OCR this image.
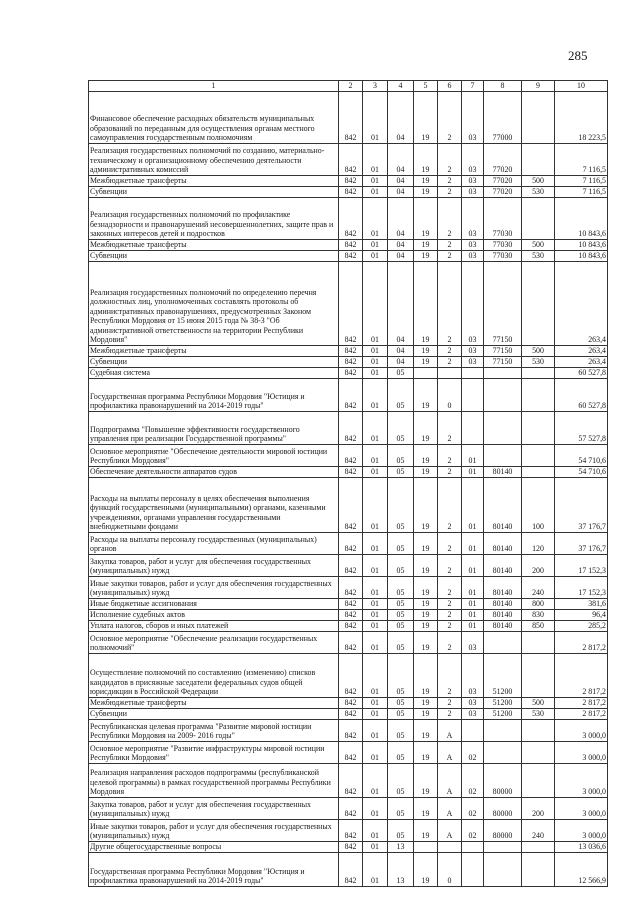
285
1	2	3	4	5	6	7	8	9	10
Финансовое обеспечение расходных обязательств муниципальных образований по переданным для осуществления органам местного самоуправления государственным полномочиям	842	01	04	19	2	03	77000		18 223,5
Реализация государственных полномочий по созданию, материально-техническому и организационному обеспечению деятельности административных комиссий	842	01	04	19	2	03	77020		7 116,5
Межбюджетные трансферты	842	01	04	19	2	03	77020	500	7 116,5
Субвенции	842	01	04	19	2	03	77020	530	7 116,5
Реализация государственных полномочий по профилактике безнадзорности и правонарушений несовершеннолетних, защите прав и законных интересов детей и подростков	842	01	04	19	2	03	77030		10 843,6
Межбюджетные трансферты	842	01	04	19	2	03	77030	500	10 843,6
Субвенции	842	01	04	19	2	03	77030	530	10 843,6
Реализация государственных полномочий по определению перечня должностных лиц, уполномоченных составлять протоколы об административных правонарушениях, предусмотренных Законом Республики Мордовия от 15 июня 2015 года № 38-З "Об административной ответственности на территории Республики Мордовия"	842	01	04	19	2	03	77150		263,4
Межбюджетные трансферты	842	01	04	19	2	03	77150	500	263,4
Субвенции	842	01	04	19	2	03	77150	530	263,4
Судебная система	842	01	05						60 527,8
Государственная программа Республики Мордовия "Юстиция и профилактика правонарушений на 2014-2019 годы"	842	01	05	19	0				60 527,8
Подпрограмма "Повышение эффективности государственного управления при реализации Государственной программы"	842	01	05	19	2				57 527,8
Основное мероприятие "Обеспечение деятельности мировой юстиции Республики Мордовия"	842	01	05	19	2	01			54 710,6
Обеспечение деятельности аппаратов судов	842	01	05	19	2	01	80140		54 710,6
Расходы на выплаты персоналу в целях обеспечения выполнения функций государственными (муниципальными) органами, казенными учреждениями, органами управления государственными внебюджетными фондами	842	01	05	19	2	01	80140	100	37 176,7
Расходы на выплаты персоналу государственных (муниципальных) органов	842	01	05	19	2	01	80140	120	37 176,7
Закупка товаров, работ и услуг для обеспечения государственных (муниципальных) нужд	842	01	05	19	2	01	80140	200	17 152,3
Иные закупки товаров, работ и услуг для обеспечения государственных (муниципальных) нужд	842	01	05	19	2	01	80140	240	17 152,3
Иные бюджетные ассигнования	842	01	05	19	2	01	80140	800	381,6
Исполнение судебных актов	842	01	05	19	2	01	80140	830	96,4
Уплата налогов, сборов и иных платежей	842	01	05	19	2	01	80140	850	285,2
Основное мероприятие "Обеспечение реализации государственных полномочий"	842	01	05	19	2	03			2 817,2
Осуществление полномочий по составлению (изменению) списков кандидатов в присяжные заседатели федеральных судов общей юрисдикции в Российской Федерации	842	01	05	19	2	03	51200		2 817,2
Межбюджетные трансферты	842	01	05	19	2	03	51200	500	2 817,2
Субвенции	842	01	05	19	2	03	51200	530	2 817,2
Республиканская целевая программа "Развитие мировой юстиции Республики Мордовия на 2009- 2016 годы"	842	01	05	19	А				3 000,0
Основное мероприятие "Развитие инфраструктуры мировой юстиции Республики Мордовия"	842	01	05	19	А	02			3 000,0
Реализация направления расходов подпрограммы (республиканской целевой программы) в рамках государственной программы Республики Мордовия	842	01	05	19	А	02	80000		3 000,0
Закупка товаров, работ и услуг для обеспечения государственных (муниципальных) нужд	842	01	05	19	А	02	80000	200	3 000,0
Иные закупки товаров, работ и услуг для обеспечения государственных (муниципальных) нужд	842	01	05	19	А	02	80000	240	3 000,0
Другие общегосударственные вопросы	842	01	13						13 036,6
Государственная программа Республики Мордовия "Юстиция и профилактика правонарушений на 2014-2019 годы"	842	01	13	19	0				12 566,9
